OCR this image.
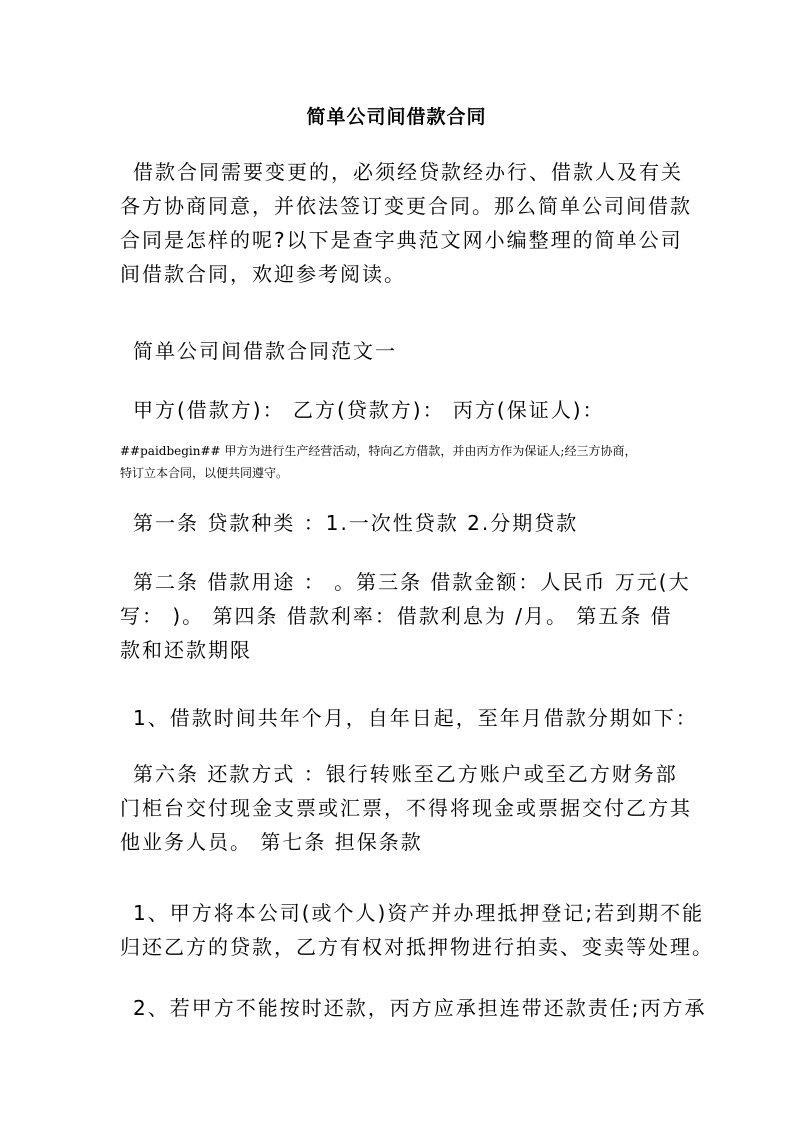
简单公司间借款合同

借款合同需要变更的，必须经贷款经办行、借款人及有关
各方协商同意，并依法签订变更合同。那么简单公司间借款
合同是怎样的呢?以下是查字典范文网小编整理的简单公司
间借款合同，欢迎参考阅读。

简单公司间借款合同范文一

甲方(借款方)： 乙方(贷款方)： 丙方(保证人)：

##paidbegin## 甲方为进行生产经营活动，特向乙方借款，并由丙方作为保证人;经三方协商，
特订立本合同，以便共同遵守。

第一条 贷款种类 ：1.一次性贷款 2.分期贷款

第二条 借款用途 ： 。第三条 借款金额：人民币 万元(大
写： )。 第四条 借款利率：借款利息为 /月。 第五条 借
款和还款期限

1、借款时间共年个月，自年日起，至年月借款分期如下：

第六条 还款方式 ：银行转账至乙方账户或至乙方财务部
门柜台交付现金支票或汇票，不得将现金或票据交付乙方其
他业务人员。 第七条 担保条款

1、甲方将本公司(或个人)资产并办理抵押登记;若到期不能
归还乙方的贷款，乙方有权对抵押物进行拍卖、变卖等处理。

2、若甲方不能按时还款，丙方应承担连带还款责任;丙方承
